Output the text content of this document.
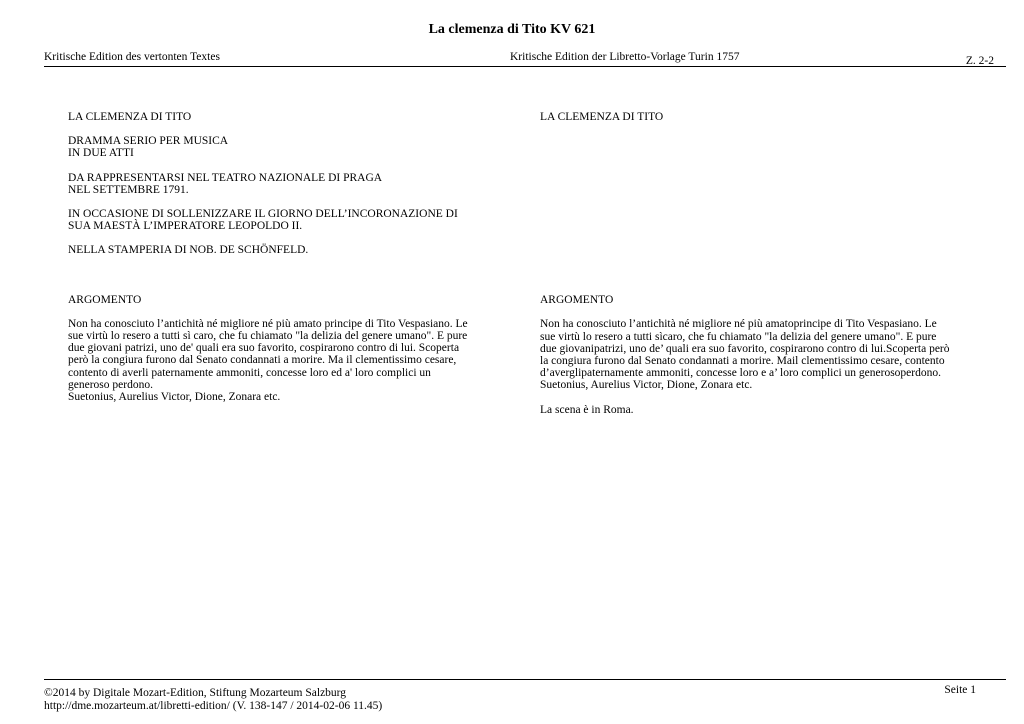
La clemenza di Tito KV 621
Kritische Edition des vertonten Textes	Kritische Edition der Libretto-Vorlage Turin 1757	Z. 2-2

LA CLEMENZA DI TITO

DRAMMA SERIO PER MUSICA
IN DUE ATTI

DA RAPPRESENTARSI NEL TEATRO NAZIONALE DI PRAGA
NEL SETTEMBRE 1791.

IN OCCASIONE DI SOLLENIZZARE IL GIORNO DELL’INCORONAZIONE DI
SUA MAESTÀ L’IMPERATORE LEOPOLDO II.

NELLA STAMPERIA DI NOB. DE SCHÖNFELD.

ARGOMENTO

Non ha conosciuto l’antichità né migliore né più amato principe di Tito Vespasiano. Le
sue virtù lo resero a tutti sì caro, che fu chiamato "la delizia del genere umano". E pure
due giovani patrizi, uno de' quali era suo favorito, cospirarono contro di lui. Scoperta
però la congiura furono dal Senato condannati a morire. Ma il clementissimo cesare,
contento di averli paternamente ammoniti, concesse loro ed a' loro complici un
generoso perdono.
Suetonius, Aurelius Victor, Dione, Zonara etc.

LA CLEMENZA DI TITO

ARGOMENTO

Non ha conosciuto l’antichità né migliore né più amatoprincipe di Tito Vespasiano. Le
sue virtù lo resero a tutti sìcaro, che fu chiamato "la delizia del genere umano". E pure
due giovanipatrizi, uno de’ quali era suo favorito, cospirarono contro di lui.Scoperta però
la congiura furono dal Senato condannati a morire. Mail clementissimo cesare, contento
d’averglipaternamente ammoniti, concesse loro e a’ loro complici un generosoperdono.
Suetonius, Aurelius Victor, Dione, Zonara etc.

La scena è in Roma.

©2014 by Digitale Mozart-Edition, Stiftung Mozarteum Salzburg
http://dme.mozarteum.at/libretti-edition/ (V. 138-147 / 2014-02-06 11.45)
Seite 1
